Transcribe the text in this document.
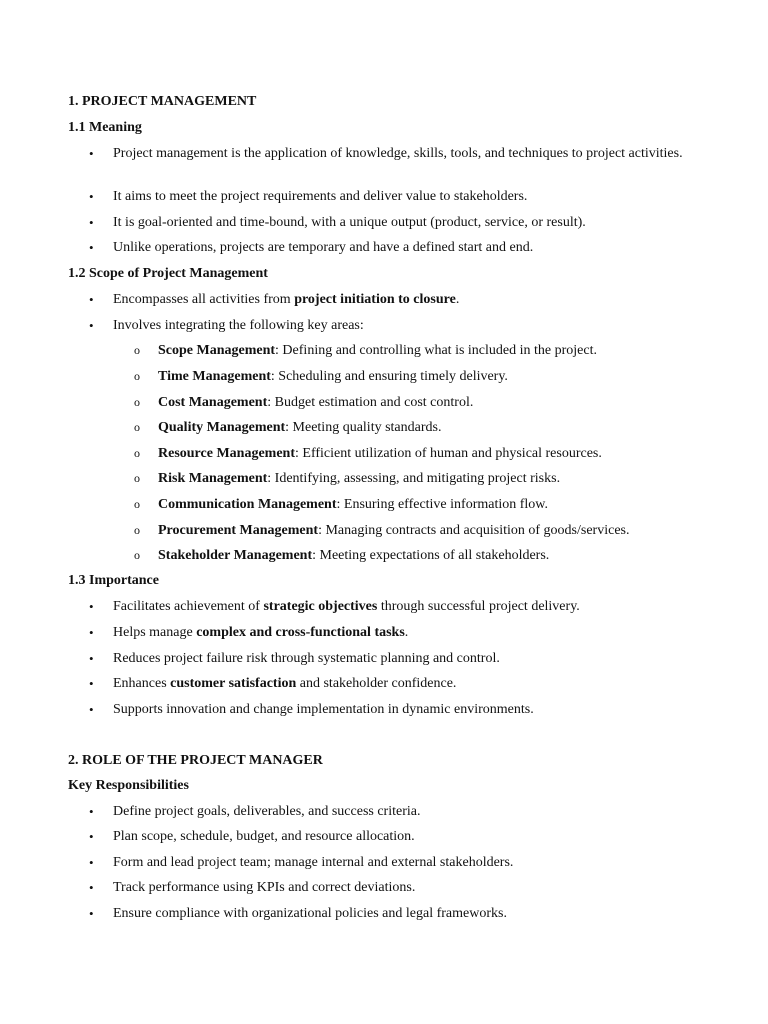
1. PROJECT MANAGEMENT
1.1 Meaning
• Project management is the application of knowledge, skills, tools, and techniques to project activities.
• It aims to meet the project requirements and deliver value to stakeholders.
• It is goal-oriented and time-bound, with a unique output (product, service, or result).
• Unlike operations, projects are temporary and have a defined start and end.
1.2 Scope of Project Management
• Encompasses all activities from project initiation to closure.
• Involves integrating the following key areas:
o Scope Management: Defining and controlling what is included in the project.
o Time Management: Scheduling and ensuring timely delivery.
o Cost Management: Budget estimation and cost control.
o Quality Management: Meeting quality standards.
o Resource Management: Efficient utilization of human and physical resources.
o Risk Management: Identifying, assessing, and mitigating project risks.
o Communication Management: Ensuring effective information flow.
o Procurement Management: Managing contracts and acquisition of goods/services.
o Stakeholder Management: Meeting expectations of all stakeholders.
1.3 Importance
• Facilitates achievement of strategic objectives through successful project delivery.
• Helps manage complex and cross-functional tasks.
• Reduces project failure risk through systematic planning and control.
• Enhances customer satisfaction and stakeholder confidence.
• Supports innovation and change implementation in dynamic environments.
2. ROLE OF THE PROJECT MANAGER
Key Responsibilities
• Define project goals, deliverables, and success criteria.
• Plan scope, schedule, budget, and resource allocation.
• Form and lead project team; manage internal and external stakeholders.
• Track performance using KPIs and correct deviations.
• Ensure compliance with organizational policies and legal frameworks.
